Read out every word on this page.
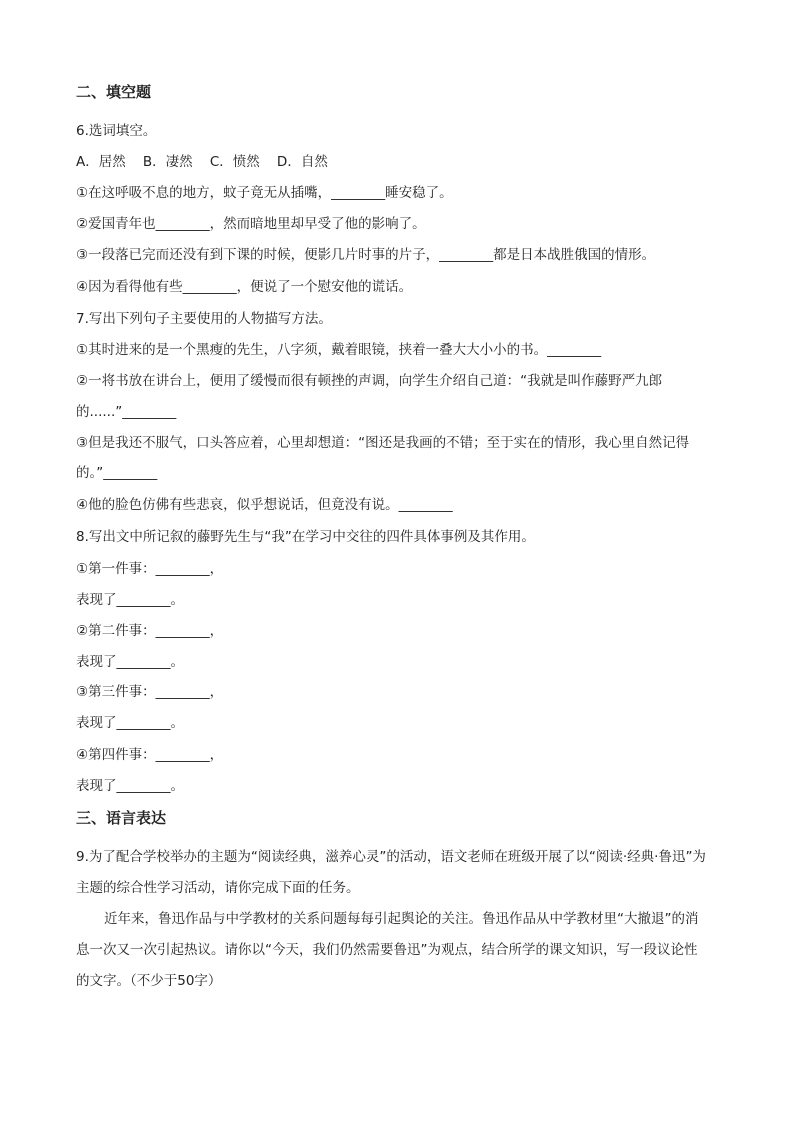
二、填空题
6.选词填空。
A．居然    B．凄然    C．愤然    D．自然
①在这呼吸不息的地方，蚊子竟无从插嘴，________睡安稳了。
②爱国青年也________，然而暗地里却早受了他的影响了。
③一段落已完而还没有到下课的时候，便影几片时事的片子，________都是日本战胜俄国的情形。
④因为看得他有些________，便说了一个慰安他的谎话。
7.写出下列句子主要使用的人物描写方法。
①其时进来的是一个黑瘦的先生，八字须，戴着眼镜，挟着一叠大大小小的书。________
②一将书放在讲台上，便用了缓慢而很有顿挫的声调，向学生介绍自己道：“我就是叫作藤野严九郎
的......”________
③但是我还不服气，口头答应着，心里却想道：“图还是我画的不错；至于实在的情形，我心里自然记得
的。”________
④他的脸色仿佛有些悲哀，似乎想说话，但竟没有说。________
8.写出文中所记叙的藤野先生与“我”在学习中交往的四件具体事例及其作用。
①第一件事：________，
表现了________。
②第二件事：________，
表现了________。
③第三件事：________，
表现了________。
④第四件事：________，
表现了________。
三、语言表达
9.为了配合学校举办的主题为“阅读经典，滋养心灵”的活动，语文老师在班级开展了以“阅读·经典·鲁迅”为
主题的综合性学习活动，请你完成下面的任务。
近年来，鲁迅作品与中学教材的关系问题每每引起舆论的关注。鲁迅作品从中学教材里“大撤退”的消
息一次又一次引起热议。请你以“今天，我们仍然需要鲁迅”为观点，结合所学的课文知识，写一段议论性
的文字。（不少于50字）
